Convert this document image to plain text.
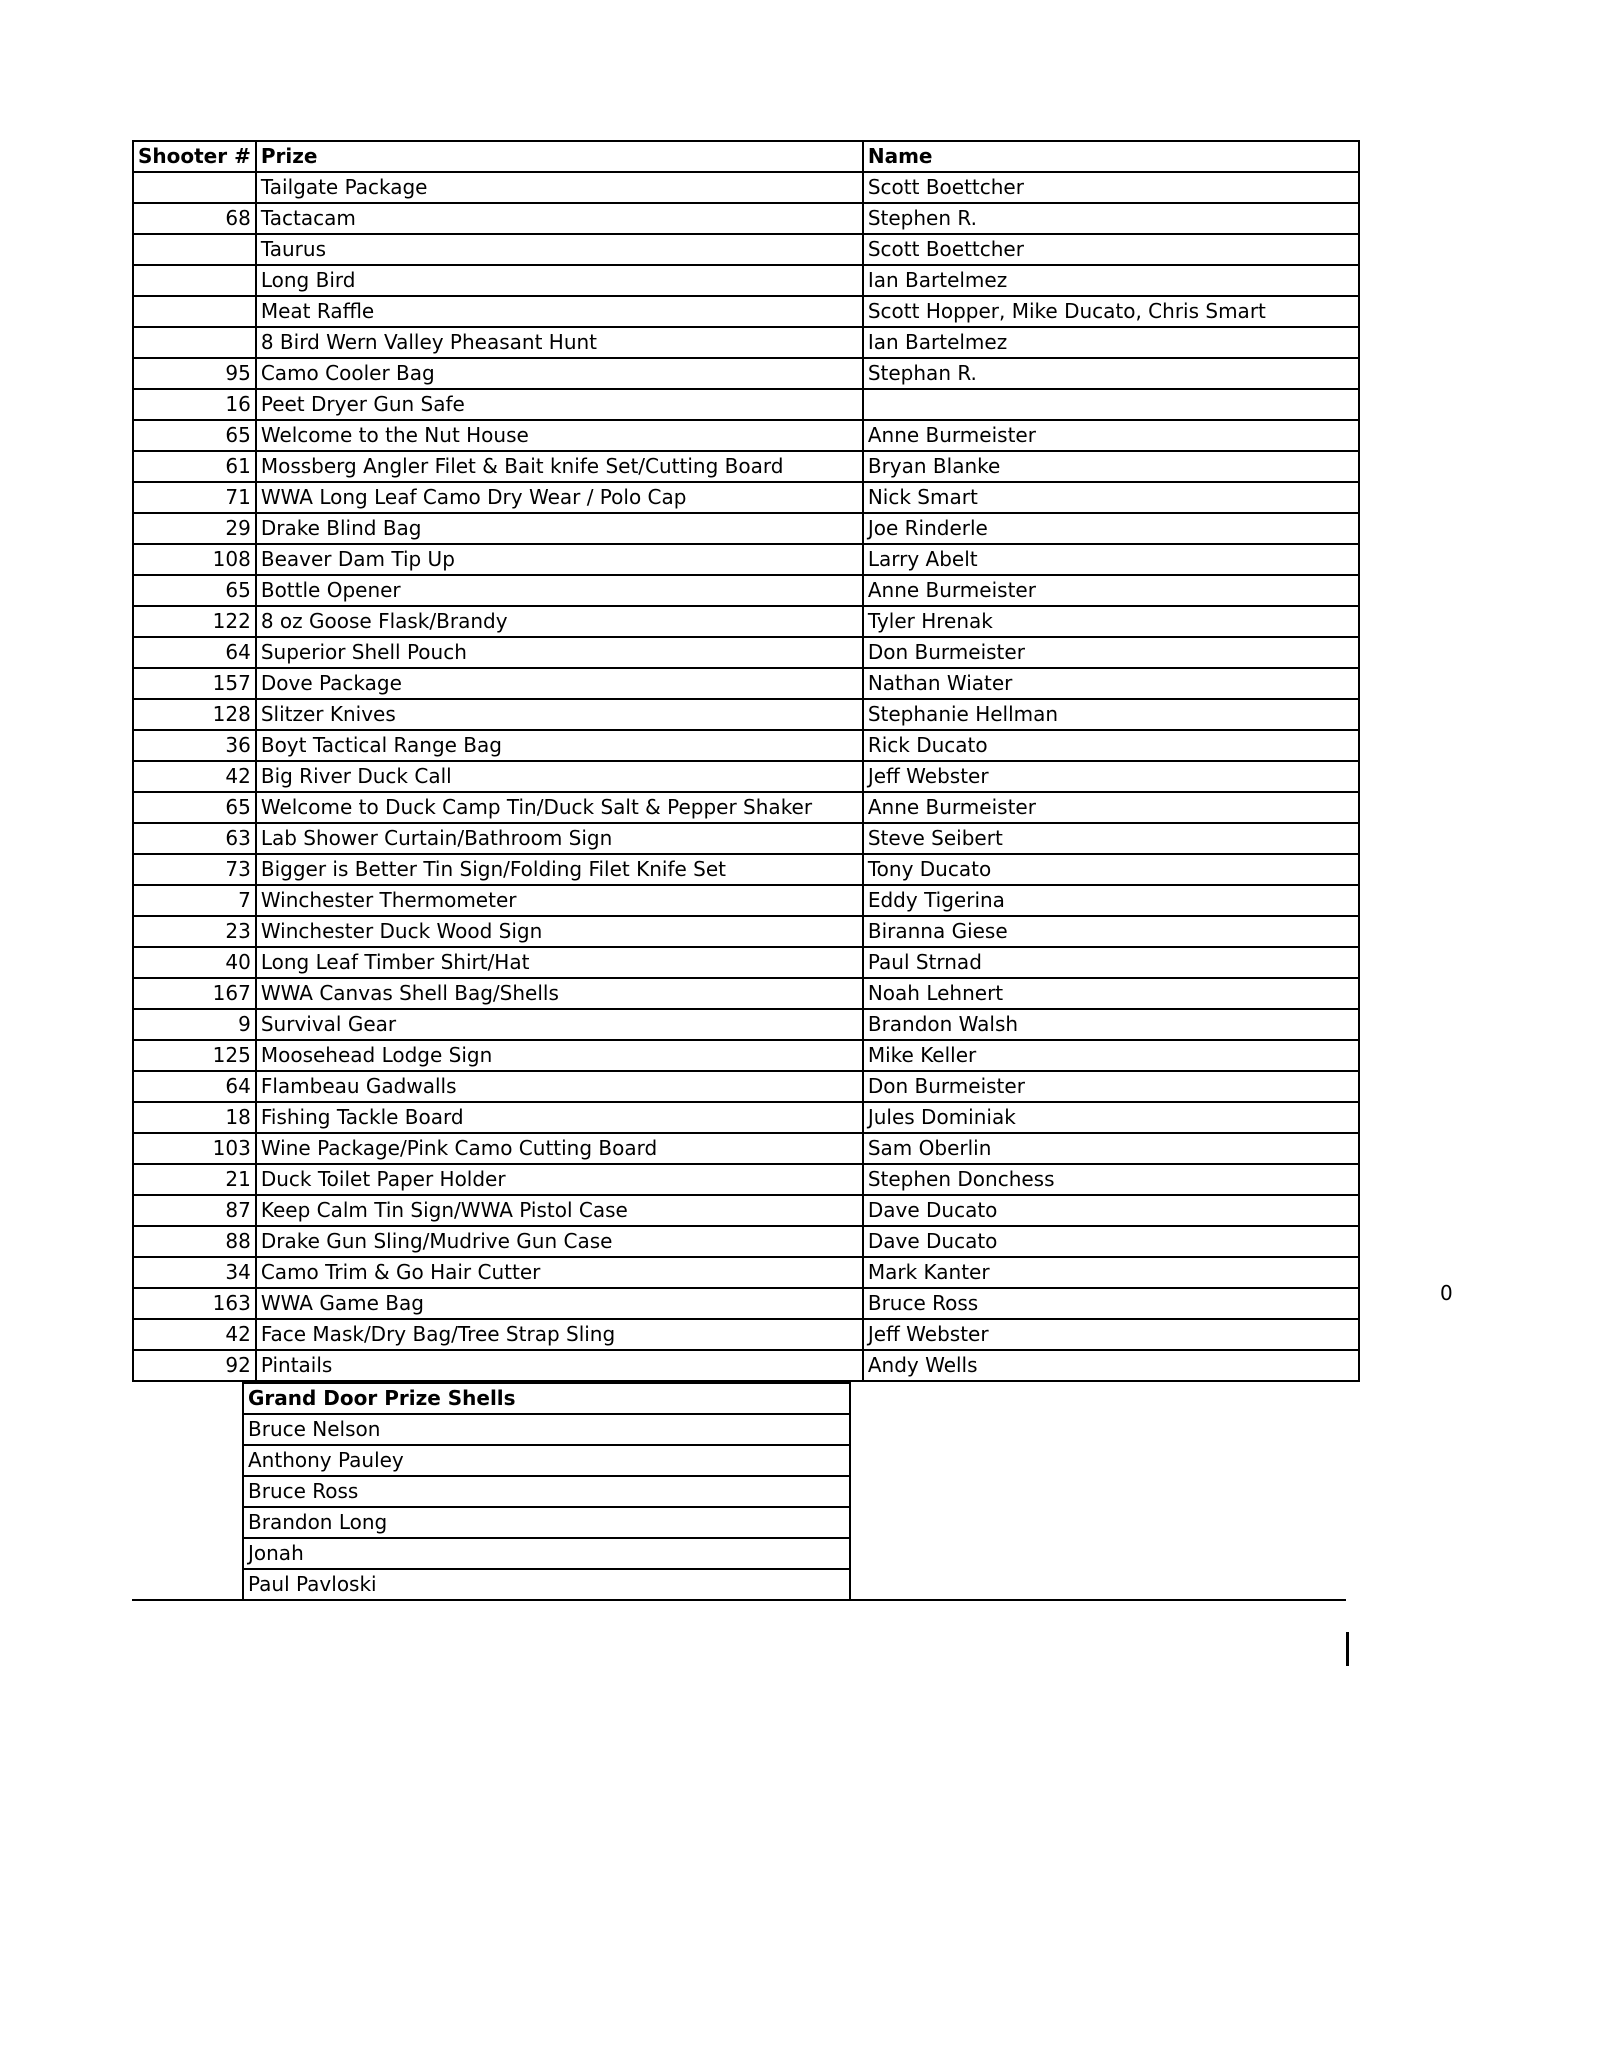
Shooter #	Prize	Name
	Tailgate Package	Scott Boettcher
68	Tactacam	Stephen R.
	Taurus	Scott Boettcher
	Long Bird	Ian Bartelmez
	Meat Raffle	Scott Hopper, Mike Ducato, Chris Smart
	8 Bird Wern Valley Pheasant Hunt	Ian Bartelmez
95	Camo Cooler Bag	Stephan R.
16	Peet Dryer Gun Safe	
65	Welcome to the Nut House	Anne Burmeister
61	Mossberg Angler Filet & Bait knife Set/Cutting Board	Bryan Blanke
71	WWA Long Leaf Camo Dry Wear / Polo Cap	Nick Smart
29	Drake Blind Bag	Joe Rinderle
108	Beaver Dam Tip Up	Larry Abelt
65	Bottle Opener	Anne Burmeister
122	8 oz Goose Flask/Brandy	Tyler Hrenak
64	Superior Shell Pouch	Don Burmeister
157	Dove Package	Nathan Wiater
128	Slitzer Knives	Stephanie Hellman
36	Boyt Tactical Range Bag	Rick Ducato
42	Big River Duck Call	Jeff Webster
65	Welcome to Duck Camp Tin/Duck Salt & Pepper Shaker	Anne Burmeister
63	Lab Shower Curtain/Bathroom Sign	Steve Seibert
73	Bigger is Better Tin Sign/Folding Filet Knife Set	Tony Ducato
7	Winchester Thermometer	Eddy Tigerina
23	Winchester Duck Wood Sign	Biranna Giese
40	Long Leaf Timber Shirt/Hat	Paul Strnad
167	WWA Canvas Shell Bag/Shells	Noah Lehnert
9	Survival Gear	Brandon Walsh
125	Moosehead Lodge Sign	Mike Keller
64	Flambeau Gadwalls	Don Burmeister
18	Fishing Tackle Board	Jules Dominiak
103	Wine Package/Pink Camo Cutting Board	Sam Oberlin
21	Duck Toilet Paper Holder	Stephen Donchess
87	Keep Calm Tin Sign/WWA Pistol Case	Dave Ducato
88	Drake Gun Sling/Mudrive Gun Case	Dave Ducato
34	Camo Trim & Go Hair Cutter	Mark Kanter
163	WWA Game Bag	Bruce Ross
42	Face Mask/Dry Bag/Tree Strap Sling	Jeff Webster
92	Pintails	Andy Wells
	Grand Door Prize Shells	
	Bruce Nelson	
	Anthony Pauley	
	Bruce Ross	
	Brandon Long	
	Jonah	
	Paul Pavloski	
0
